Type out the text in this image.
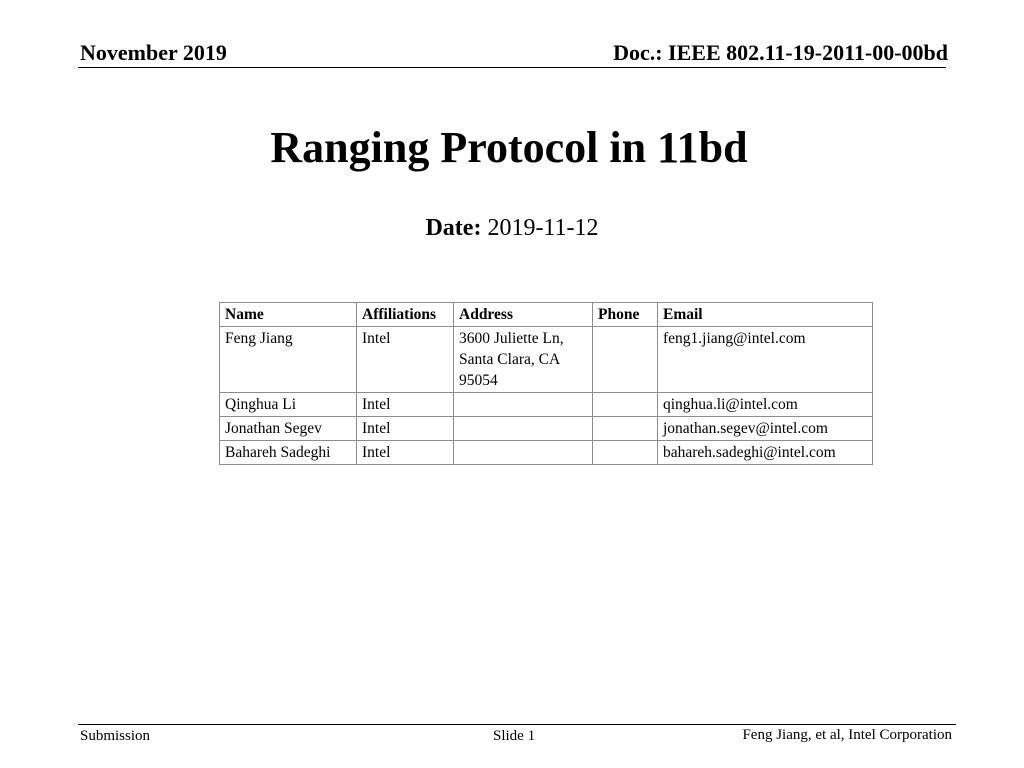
November 2019	Doc.: IEEE 802.11-19-2011-00-00bd
Ranging Protocol in 11bd
Date: 2019-11-12
Name	Affiliations	Address	Phone	Email
Feng Jiang	Intel	3600 Juliette Ln, Santa Clara, CA 95054		feng1.jiang@intel.com
Qinghua Li	Intel			qinghua.li@intel.com
Jonathan Segev	Intel			jonathan.segev@intel.com
Bahareh Sadeghi	Intel			bahareh.sadeghi@intel.com
Submission	Slide 1	Feng Jiang, et al, Intel Corporation
